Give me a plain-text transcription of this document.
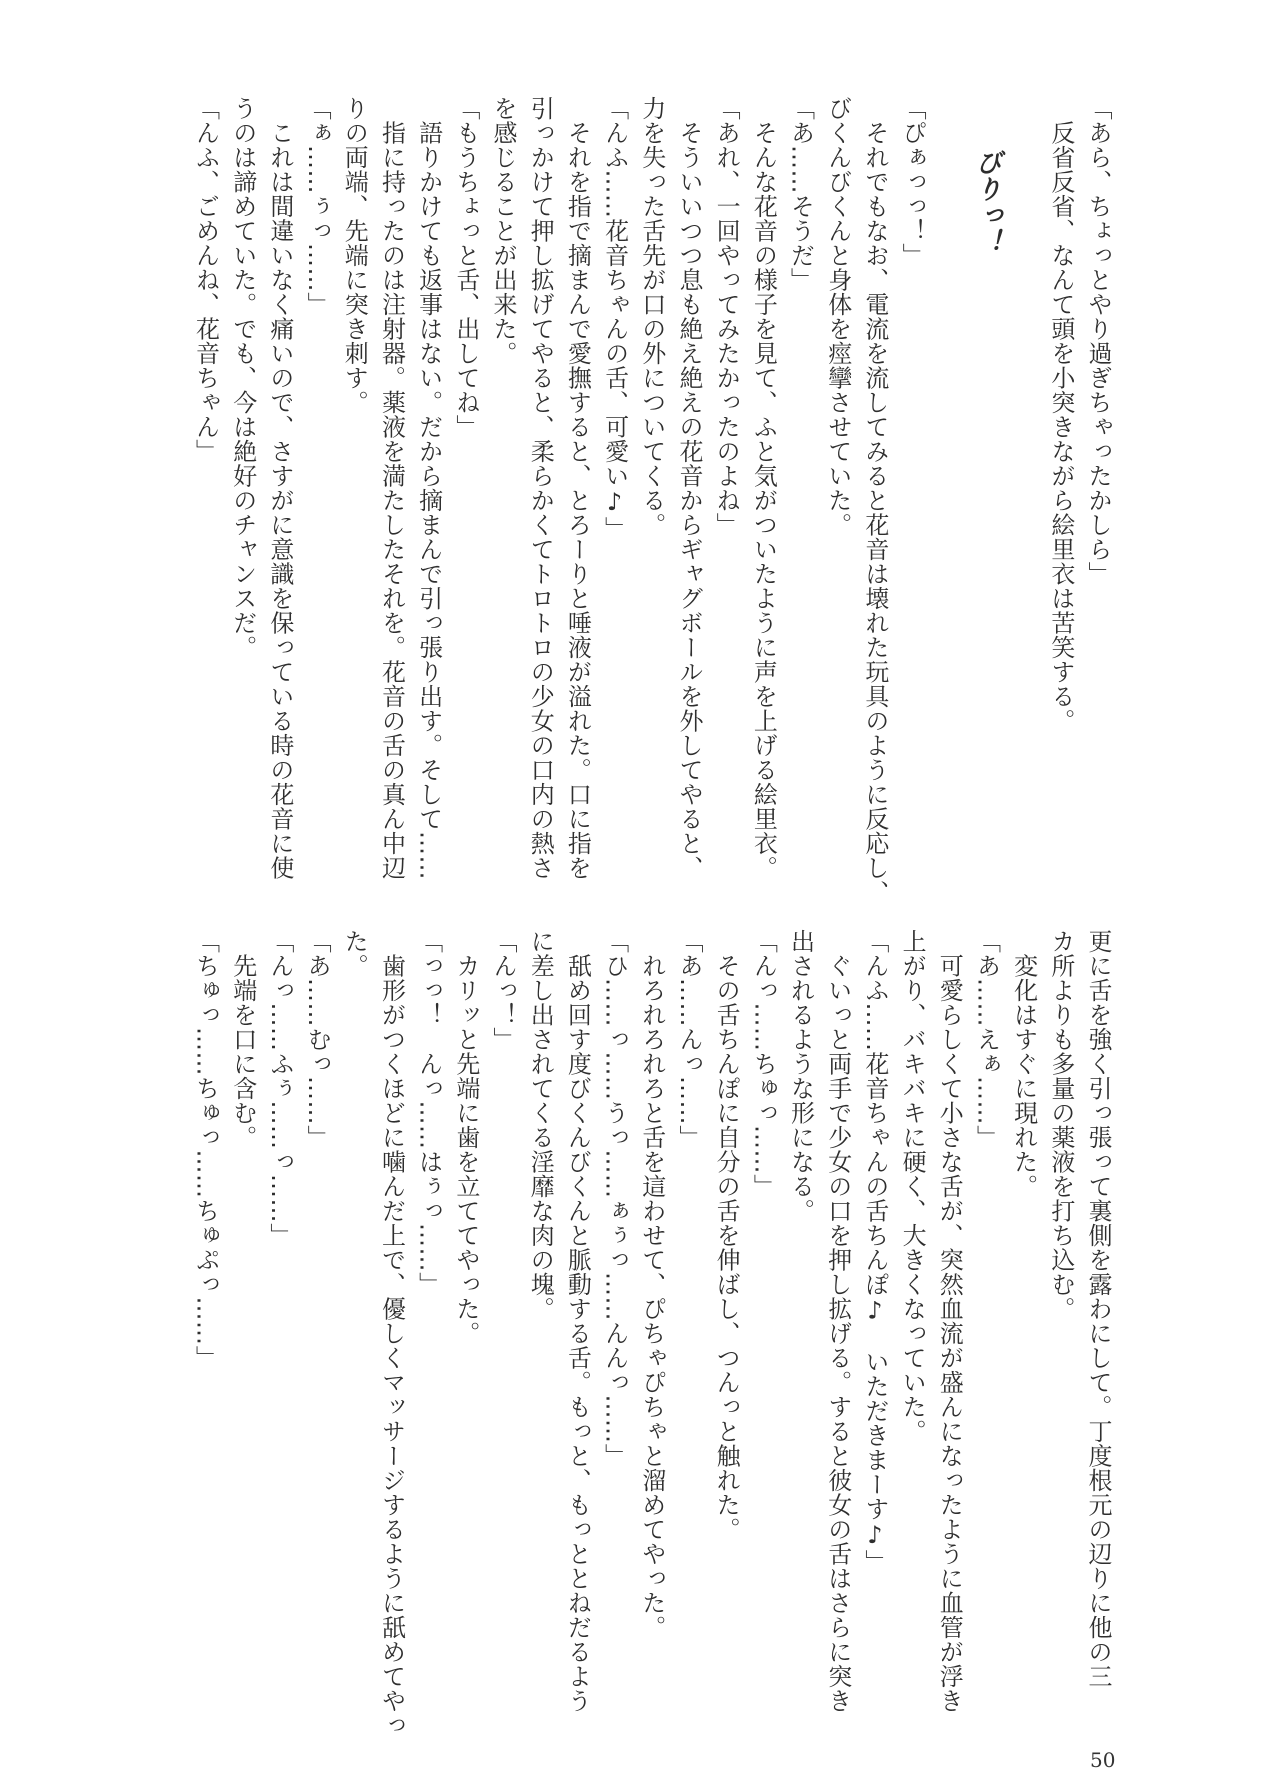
「あら、ちょっとやり過ぎちゃったかしら」
　反省反省、なんて頭を小突きながら絵里衣は苦笑する。
　　びりっ！
「ぴぁっっ！」
　それでもなお、電流を流してみると花音は壊れた玩具のように反応し、
びくんびくんと身体を痙攣させていた。
「あ……そうだ」
　そんな花音の様子を見て、ふと気がついたように声を上げる絵里衣。
「あれ、一回やってみたかったのよね」
　そういいつつ息も絶え絶えの花音からギャグボールを外してやると、
力を失った舌先が口の外についてくる。
「んふ……花音ちゃんの舌、可愛い♪」
　それを指で摘まんで愛撫すると、とろーりと唾液が溢れた。口に指を
引っかけて押し拡げてやると、柔らかくてトロトロの少女の口内の熱さ
を感じることが出来た。
「もうちょっと舌、出してね」
　語りかけても返事はない。だから摘まんで引っ張り出す。そして……
　指に持ったのは注射器。薬液を満たしたそれを。花音の舌の真ん中辺
りの両端、先端に突き刺す。
「ぁ……ぅっ……」
　これは間違いなく痛いので、さすがに意識を保っている時の花音に使
うのは諦めていた。でも、今は絶好のチャンスだ。
「んふ、ごめんね、花音ちゃん」
更に舌を強く引っ張って裏側を露わにして。丁度根元の辺りに他の三
カ所よりも多量の薬液を打ち込む。
　変化はすぐに現れた。
「あ……えぁ……」
　可愛らしくて小さな舌が、突然血流が盛んになったように血管が浮き
上がり、バキバキに硬く、大きくなっていた。
「んふ……花音ちゃんの舌ちんぽ♪　いただきまーす♪」
　ぐいっと両手で少女の口を押し拡げる。すると彼女の舌はさらに突き
出されるような形になる。
「んっ……ちゅっ……」
　その舌ちんぽに自分の舌を伸ばし、つんっと触れた。
「あ……んっ……」
　れろれろれろと舌を這わせて、ぴちゃぴちゃと溜めてやった。
「ひ……っ……うっ……ぁぅっ……んんっ……」
　舐め回す度びくんびくんと脈動する舌。もっと、もっととねだるよう
に差し出されてくる淫靡な肉の塊。
「んっ！」
　カリッと先端に歯を立ててやった。
「っっ！　んっ……はぅっ……」
　歯形がつくほどに噛んだ上で、優しくマッサージするように舐めてやっ
た。
「あ……むっ……」
「んっ……ふぅ……っ……」
　先端を口に含む。
「ちゅっ……ちゅっ……ちゅぷっ……」
50
